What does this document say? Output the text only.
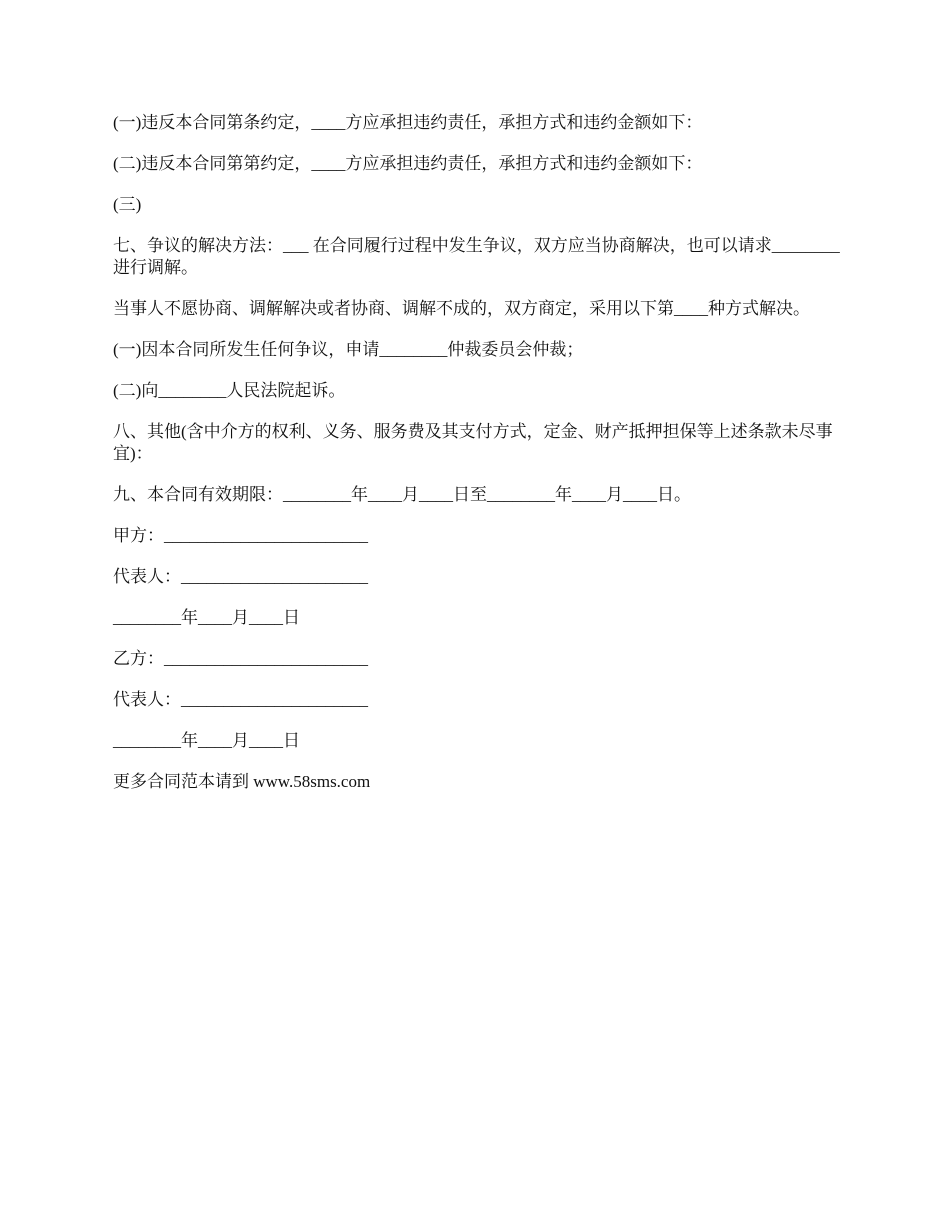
(一)违反本合同第条约定，____方应承担违约责任，承担方式和违约金额如下：

(二)违反本合同第第约定，____方应承担违约责任，承担方式和违约金额如下：

(三)

七、争议的解决方法：___ 在合同履行过程中发生争议，双方应当协商解决，也可以请求________进行调解。

当事人不愿协商、调解解决或者协商、调解不成的，双方商定，采用以下第____种方式解决。

(一)因本合同所发生任何争议，申请________仲裁委员会仲裁；

(二)向________人民法院起诉。

八、其他(含中介方的权利、义务、服务费及其支付方式，定金、财产抵押担保等上述条款未尽事宜)：

九、本合同有效期限：________年____月____日至________年____月____日。

甲方：________________________

代表人：______________________

________年____月____日

乙方：________________________

代表人：______________________

________年____月____日

更多合同范本请到 www.58sms.com
